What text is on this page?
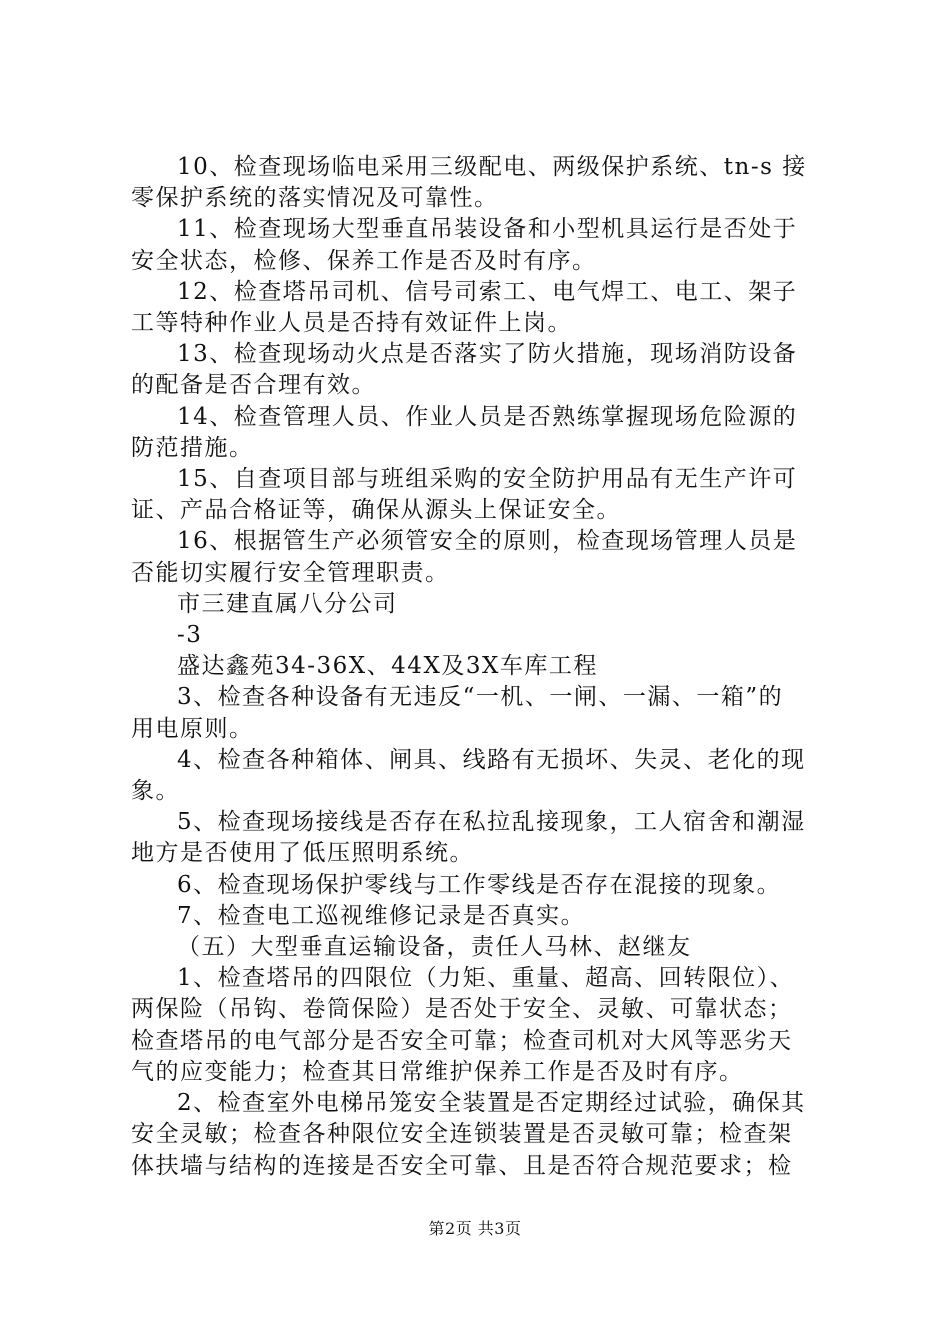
10、检查现场临电采用三级配电、两级保护系统、tn-s 接
零保护系统的落实情况及可靠性。
11、检查现场大型垂直吊装设备和小型机具运行是否处于
安全状态，检修、保养工作是否及时有序。
12、检查塔吊司机、信号司索工、电气焊工、电工、架子
工等特种作业人员是否持有效证件上岗。
13、检查现场动火点是否落实了防火措施，现场消防设备
的配备是否合理有效。
14、检查管理人员、作业人员是否熟练掌握现场危险源的
防范措施。
15、自查项目部与班组采购的安全防护用品有无生产许可
证、产品合格证等，确保从源头上保证安全。
16、根据管生产必须管安全的原则，检查现场管理人员是
否能切实履行安全管理职责。
市三建直属八分公司
-3
盛达鑫苑34-36X、44X及3X车库工程
3、检查各种设备有无违反“一机、一闸、一漏、一箱”的
用电原则。
4、检查各种箱体、闸具、线路有无损坏、失灵、老化的现
象。
5、检查现场接线是否存在私拉乱接现象，工人宿舍和潮湿
地方是否使用了低压照明系统。
6、检查现场保护零线与工作零线是否存在混接的现象。
7、检查电工巡视维修记录是否真实。
（五）大型垂直运输设备，责任人马林、赵继友
1、检查塔吊的四限位（力矩、重量、超高、回转限位）、
两保险（吊钩、卷筒保险）是否处于安全、灵敏、可靠状态；
检查塔吊的电气部分是否安全可靠；检查司机对大风等恶劣天
气的应变能力；检查其日常维护保养工作是否及时有序。
2、检查室外电梯吊笼安全装置是否定期经过试验，确保其
安全灵敏；检查各种限位安全连锁装置是否灵敏可靠；检查架
体扶墙与结构的连接是否安全可靠、且是否符合规范要求；检
第2页 共3页
